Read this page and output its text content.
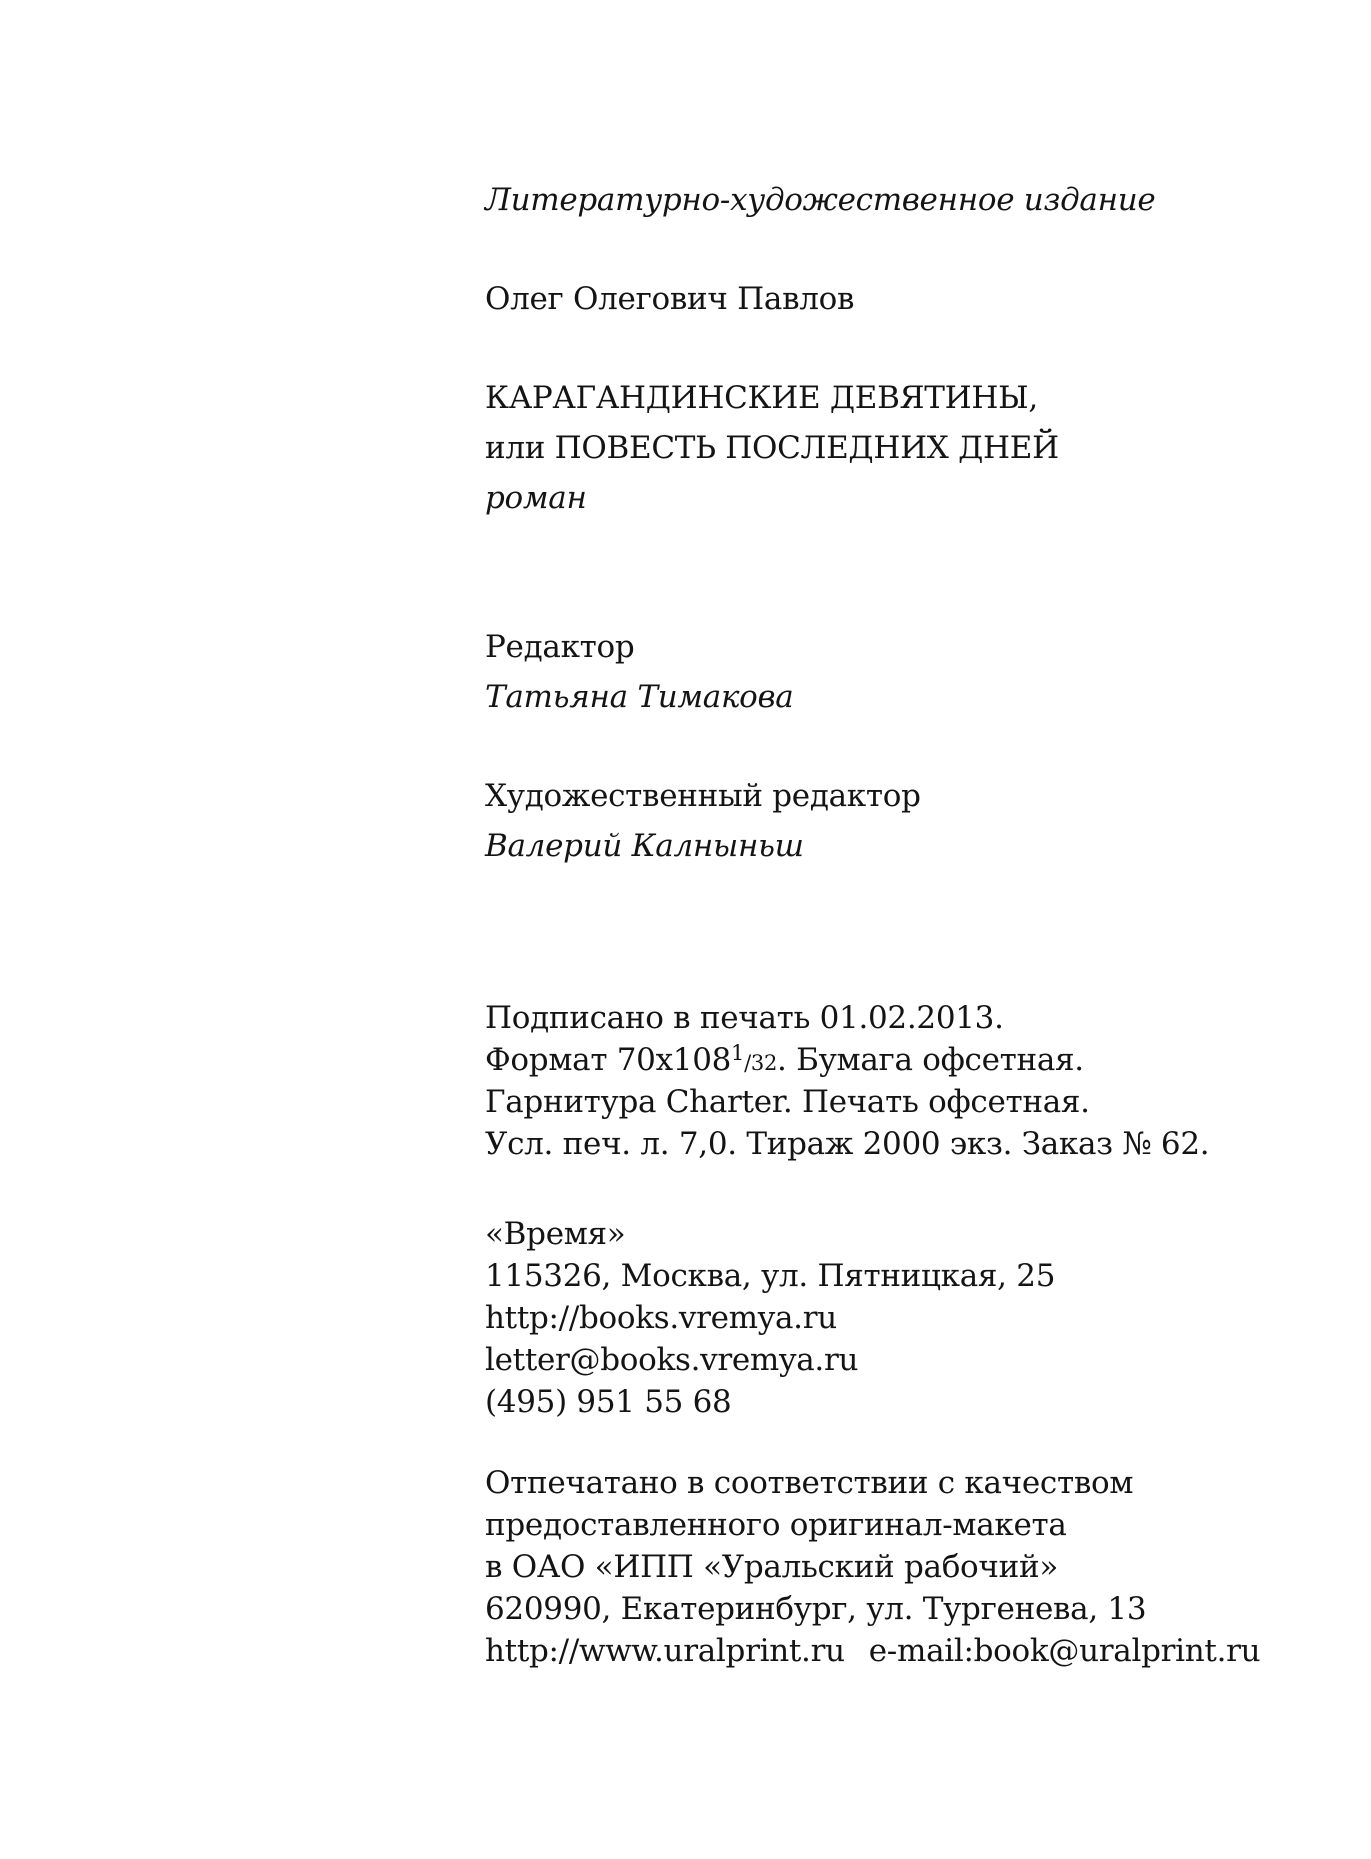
Литературно-художественное издание
Олег Олегович Павлов
КАРАГАНДИНСКИЕ ДЕВЯТИНЫ,
или ПОВЕСТЬ ПОСЛЕДНИХ ДНЕЙ
роман
Редактор
Татьяна Тимакова
Художественный редактор
Валерий Калныньш
Подписано в печать 01.02.2013.
Формат $70x108^1/32$. Бумага офсетная.
Гарнитура Charter. Печать офсетная.
Усл. печ. л. 7,0. Тираж 2000 экз. Заказ № 62.
«Время»
115326, Москва, ул. Пятницкая, 25
http://books.vremya.ru
letter@books.vremya.ru
(495) 951 55 68
Отпечатано в соответствии с качеством
предоставленного оригинал-макета
в ОАО «ИПП «Уральский рабочий»
620990, Екатеринбург, ул. Тургенева, 13
http://www.uralprint.ru e-mail:book@uralprint.ru
